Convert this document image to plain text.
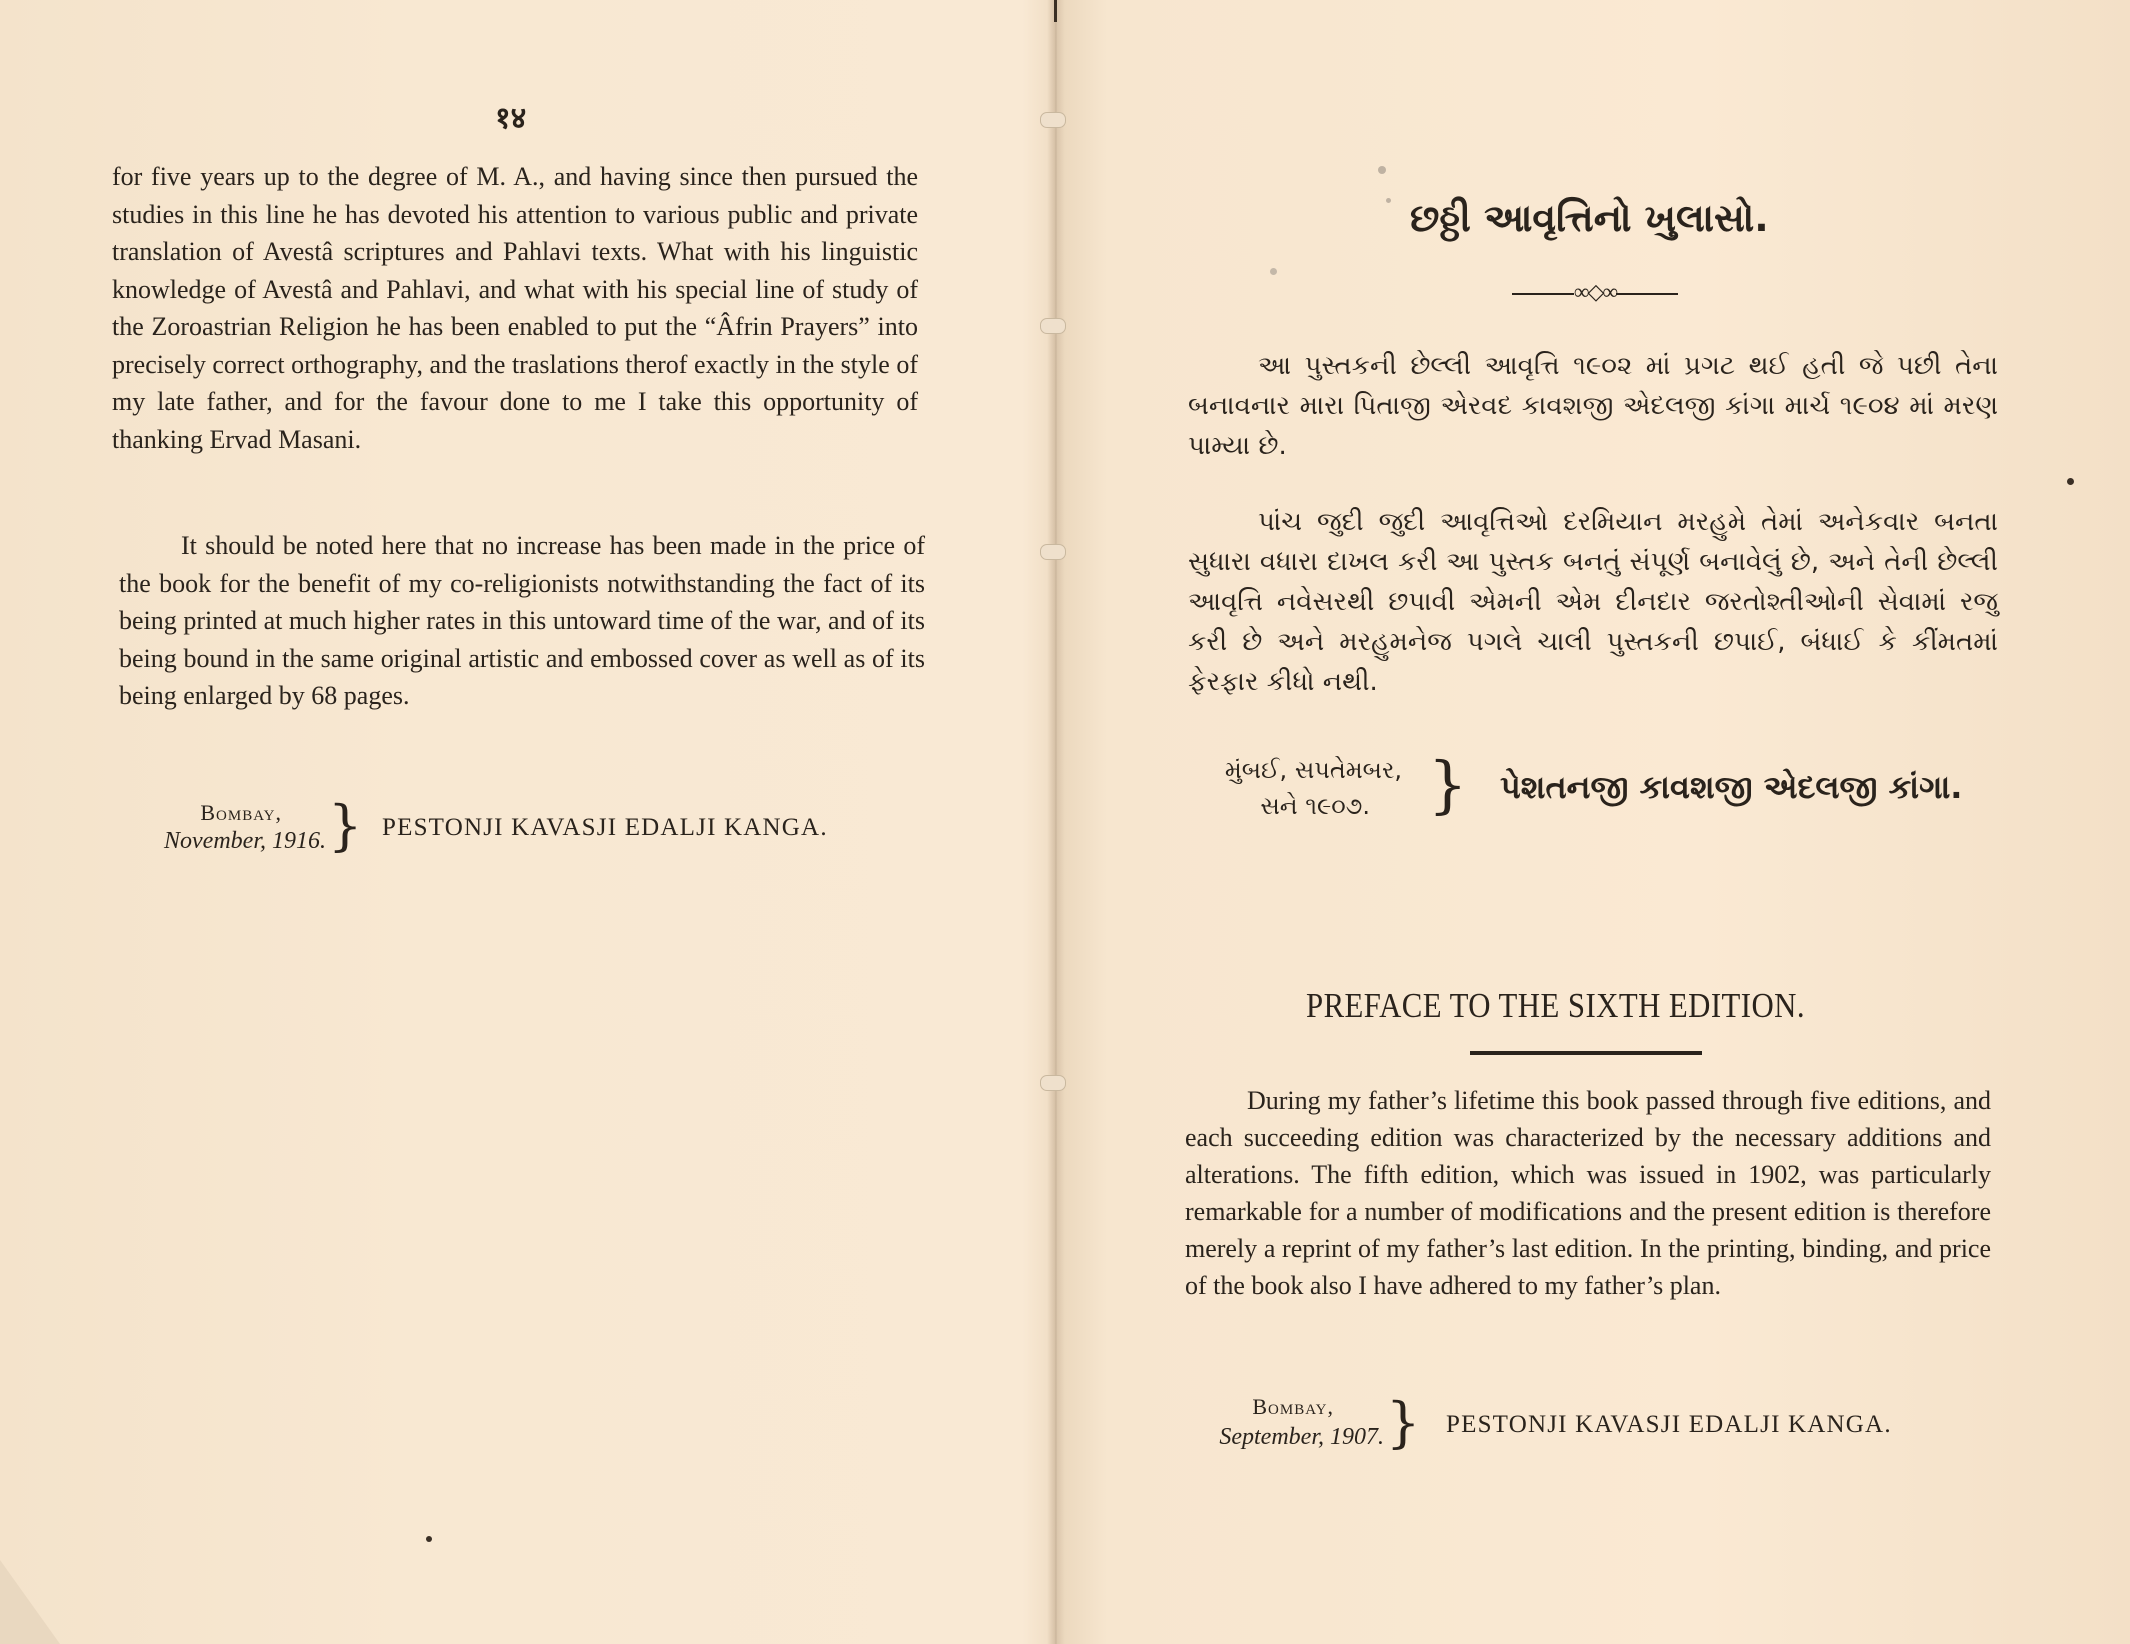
१४

for five years up to the degree of M. A., and having since then pursued the studies in this line he has devoted his attention to various public and private translation of Avestâ scriptures and Pahlavi texts. What with his linguistic knowledge of Avestâ and Pahlavi, and what with his special line of study of the Zoroastrian Religion he has been enabled to put the “Âfrin Prayers” into precisely correct orthography, and the traslations therof exactly in the style of my late father, and for the favour done to me I take this opportunity of thanking Ervad Masani.

It should be noted here that no increase has been made in the price of the book for the benefit of my co-religionists notwithstanding the fact of its being printed at much higher rates in this untoward time of the war, and of its being bound in the same original artistic and embossed cover as well as of its being enlarged by 68 pages.

Bombay,
November, 1916. } PESTONJI KAVASJI EDALJI KANGA.
છઠ્ઠી આવૃત્તિનો ખુલાસો.
∞◇∞

આ પુસ્તકની છેલ્લી આવૃત્તિ ૧૯૦૨ માં પ્રગટ થઈ હતી જે પછી તેના બનાવનાર મારા પિતાજી એરવદ કાવશજી એદલજી કાંગા માર્ચ ૧૯૦૪ માં મરણ પામ્યા છે.

પાંચ જુદી જુદી આવૃત્તિઓ દરમિયાન મરહુમે તેમાં અનેકવાર બનતા સુધારા વધારા દાખલ કરી આ પુસ્તક બનતું સંપૂર્ણ બનાવેલું છે, અને તેની છેલ્લી આવૃત્તિ નવેસરથી છપાવી એમની એમ દીનદાર જરતોશ્તીઓની સેવામાં રજુ કરી છે અને મરહુમનેજ પગલે ચાલી પુસ્તકની છપાઈ, બંધાઈ કે કીંમતમાં ફેરફાર કીધો નથી.

મુંબઈ, સપતેમબર,
સને ૧૯૦૭. } પેશતનજી કાવશજી એદલજી કાંગા.
PREFACE TO THE SIXTH EDITION.

During my father’s lifetime this book passed through five editions, and each succeeding edition was characterized by the necessary additions and alterations. The fifth edition, which was issued in 1902, was particularly remarkable for a number of modifications and the present edition is therefore merely a reprint of my father’s last edition. In the printing, binding, and price of the book also I have adhered to my father’s plan.

Bombay,
September, 1907. } PESTONJI KAVASJI EDALJI KANGA.
